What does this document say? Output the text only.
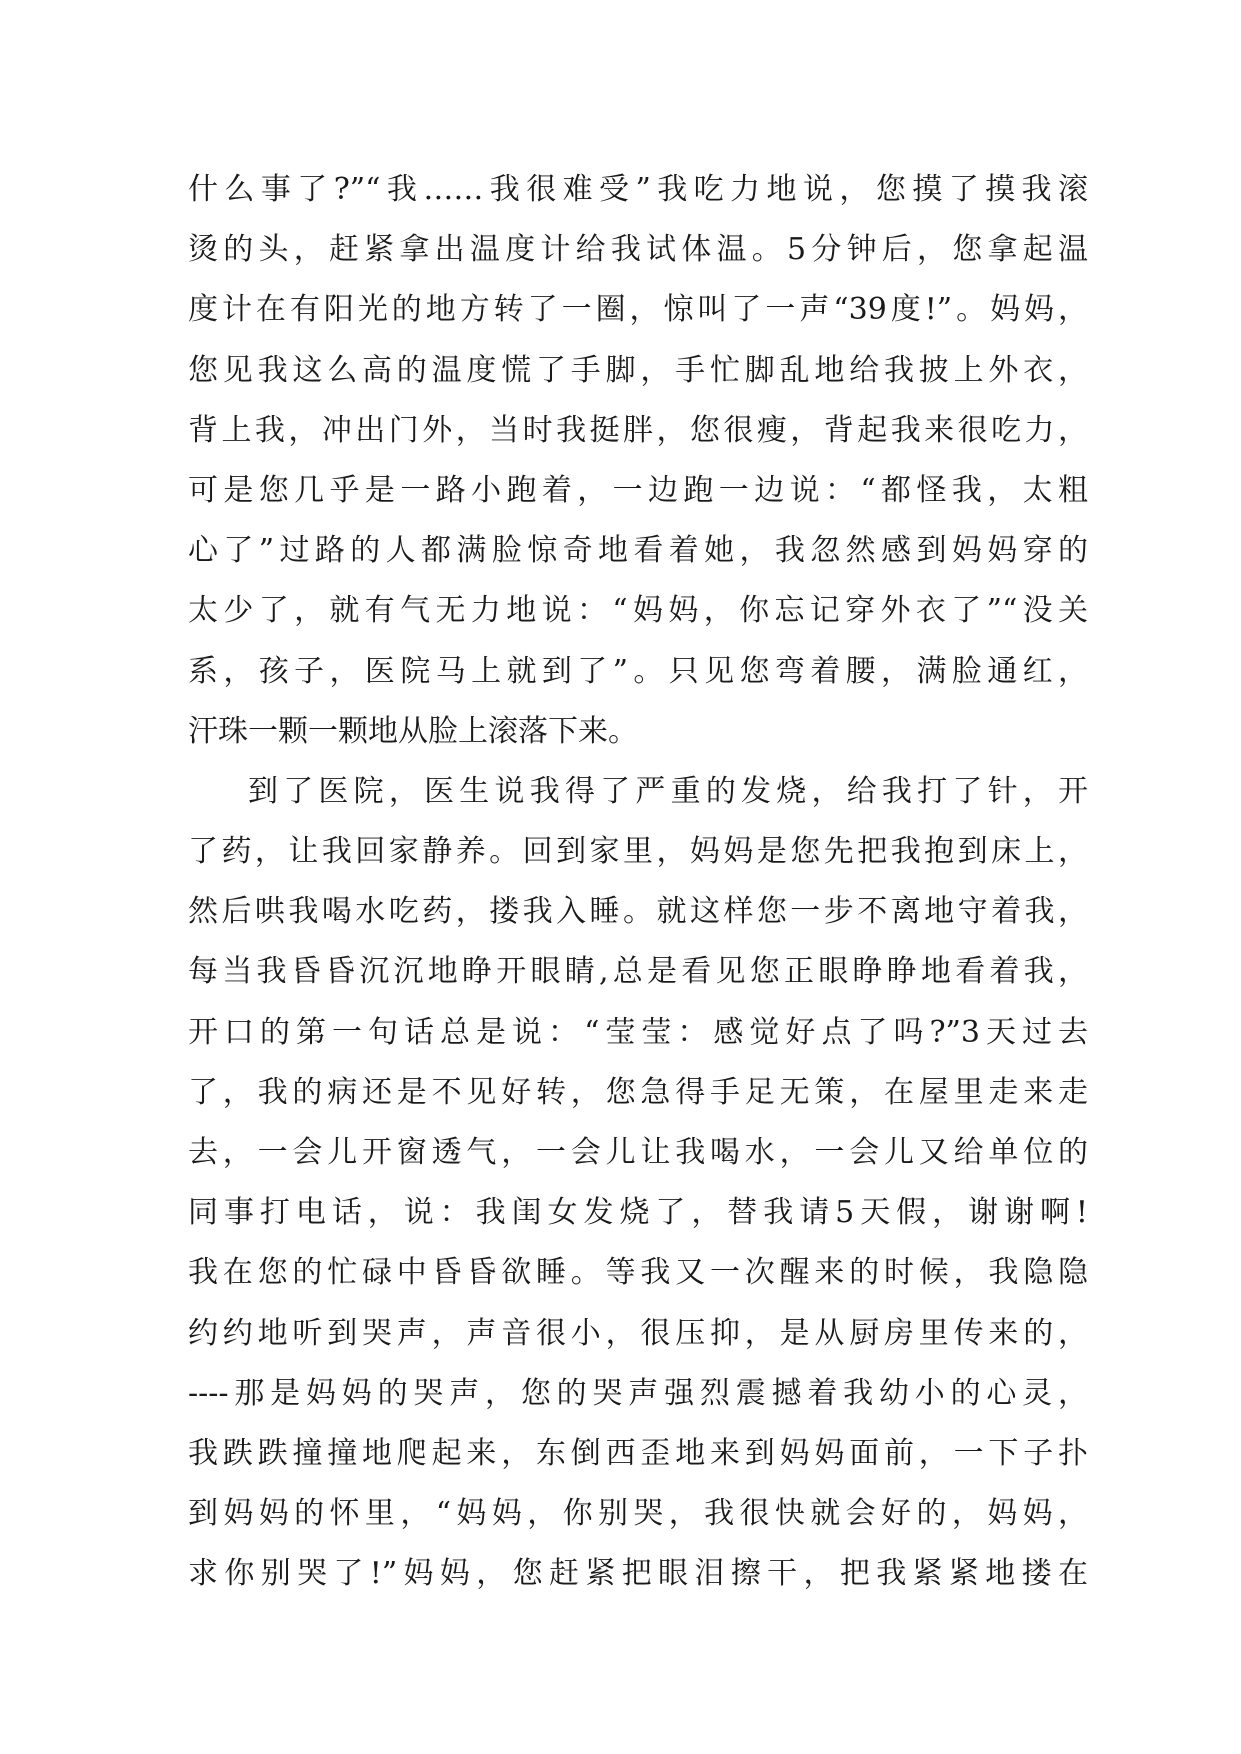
什么事了?”“我……我很难受”我吃力地说，您摸了摸我滚
烫的头，赶紧拿出温度计给我试体温。5分钟后，您拿起温
度计在有阳光的地方转了一圈，惊叫了一声“39度!”。妈妈，
您见我这么高的温度慌了手脚，手忙脚乱地给我披上外衣，
背上我，冲出门外，当时我挺胖，您很瘦，背起我来很吃力，
可是您几乎是一路小跑着，一边跑一边说：“都怪我，太粗
心了”过路的人都满脸惊奇地看着她，我忽然感到妈妈穿的
太少了，就有气无力地说：“妈妈，你忘记穿外衣了”“没关
系，孩子，医院马上就到了”。只见您弯着腰，满脸通红，
汗珠一颗一颗地从脸上滚落下来。
到了医院，医生说我得了严重的发烧，给我打了针，开
了药，让我回家静养。回到家里，妈妈是您先把我抱到床上，
然后哄我喝水吃药，搂我入睡。就这样您一步不离地守着我，
每当我昏昏沉沉地睁开眼睛,总是看见您正眼睁睁地看着我，
开口的第一句话总是说：“莹莹：感觉好点了吗?”3天过去
了，我的病还是不见好转，您急得手足无策，在屋里走来走
去，一会儿开窗透气，一会儿让我喝水，一会儿又给单位的
同事打电话，说：我闺女发烧了，替我请5天假，谢谢啊!
我在您的忙碌中昏昏欲睡。等我又一次醒来的时候，我隐隐
约约地听到哭声，声音很小，很压抑，是从厨房里传来的，
----那是妈妈的哭声，您的哭声强烈震撼着我幼小的心灵，
我跌跌撞撞地爬起来，东倒西歪地来到妈妈面前，一下子扑
到妈妈的怀里，“妈妈，你别哭，我很快就会好的，妈妈，
求你别哭了!”妈妈，您赶紧把眼泪擦干，把我紧紧地搂在
